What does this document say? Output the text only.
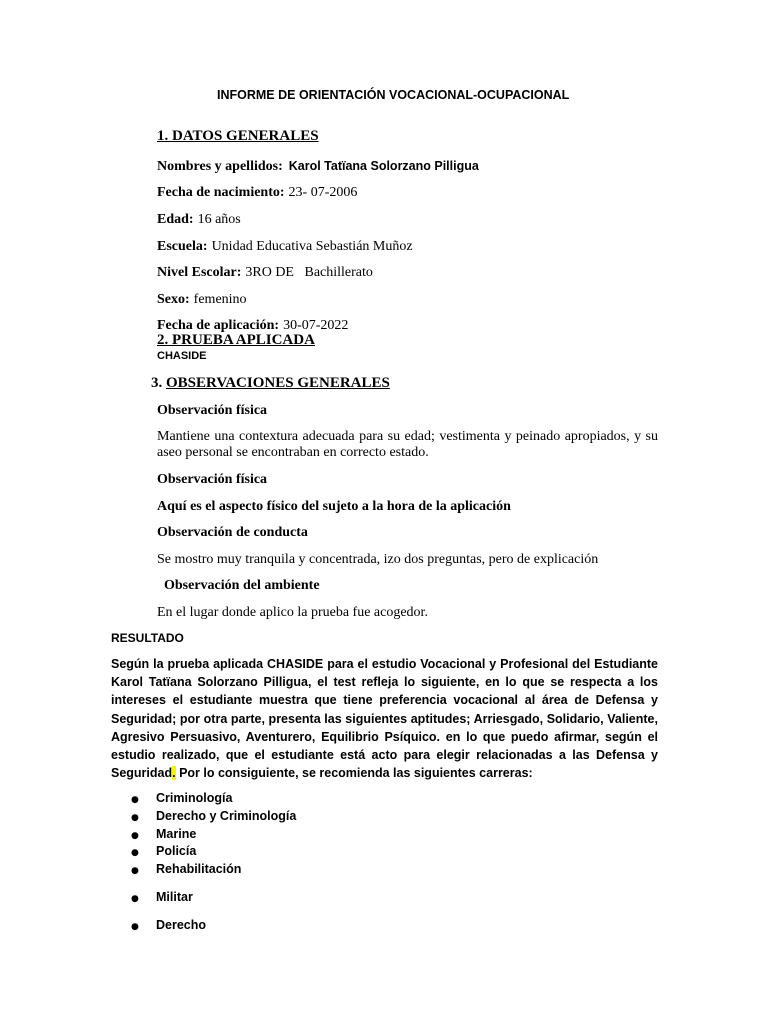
INFORME DE ORIENTACIÓN VOCACIONAL-OCUPACIONAL
1. DATOS GENERALES
Nombres y apellidos: Karol Tatïana Solorzano Pilligua
Fecha de nacimiento: 23- 07-2006
Edad: 16 años
Escuela: Unidad Educativa Sebastián Muñoz
Nivel Escolar: 3RO DE   Bachillerato
Sexo: femenino
Fecha de aplicación: 30-07-2022
2. PRUEBA APLICADA
CHASIDE
3. OBSERVACIONES GENERALES
Observación física
Mantiene una contextura adecuada para su edad; vestimenta y peinado apropiados, y su aseo personal se encontraban en correcto estado.
Observación física
Aquí es el aspecto físico del sujeto a la hora de la aplicación
Observación de conducta
Se mostro muy tranquila y concentrada, izo dos preguntas, pero de explicación
Observación del ambiente
En el lugar donde aplico la prueba fue acogedor.
RESULTADO
Según la prueba aplicada CHASIDE para el estudio Vocacional y Profesional del Estudiante Karol Tatïana Solorzano Pilligua, el test refleja lo siguiente, en lo que se respecta a los intereses el estudiante muestra que tiene preferencia vocacional al área de Defensa y Seguridad; por otra parte, presenta las siguientes aptitudes; Arriesgado, Solidario, Valiente, Agresivo Persuasivo, Aventurero, Equilibrio Psíquico. en lo que puedo afirmar, según el estudio realizado, que el estudiante está acto para elegir relacionadas a las Defensa y Seguridad. Por lo consiguiente, se recomienda las siguientes carreras:
● Criminología
● Derecho y Criminología
● Marine
● Policía
● Rehabilitación
● Militar
● Derecho
